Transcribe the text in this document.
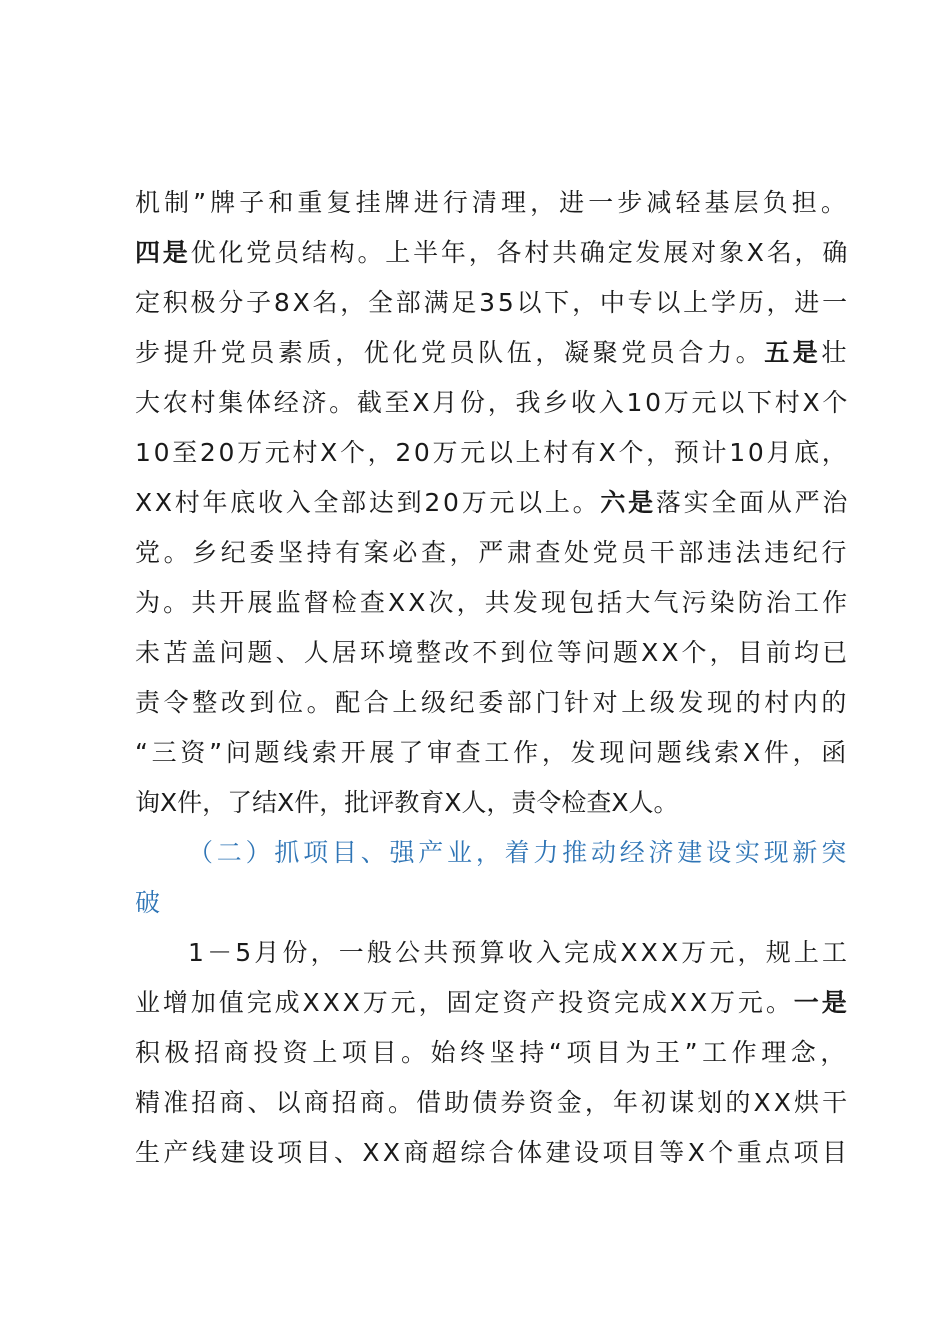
机制”牌子和重复挂牌进行清理，进一步减轻基层负担。
四是优化党员结构。上半年，各村共确定发展对象X名，确
定积极分子8X名，全部满足35以下，中专以上学历，进一
步提升党员素质，优化党员队伍，凝聚党员合力。五是壮
大农村集体经济。截至X月份，我乡收入10万元以下村X个
10至20万元村X个，20万元以上村有X个，预计10月底，
XX村年底收入全部达到20万元以上。六是落实全面从严治
党。乡纪委坚持有案必查，严肃查处党员干部违法违纪行
为。共开展监督检查XX次，共发现包括大气污染防治工作
未苫盖问题、人居环境整改不到位等问题XX个，目前均已
责令整改到位。配合上级纪委部门针对上级发现的村内的
“三资”问题线索开展了审查工作，发现问题线索X件，函
询X件，了结X件，批评教育X人，责令检查X人。
（二）抓项目、强产业，着力推动经济建设实现新突
破
1－5月份，一般公共预算收入完成XXX万元，规上工
业增加值完成XXX万元，固定资产投资完成XX万元。一是
积极招商投资上项目。始终坚持“项目为王”工作理念，
精准招商、以商招商。借助债券资金，年初谋划的XX烘干
生产线建设项目、XX商超综合体建设项目等X个重点项目
